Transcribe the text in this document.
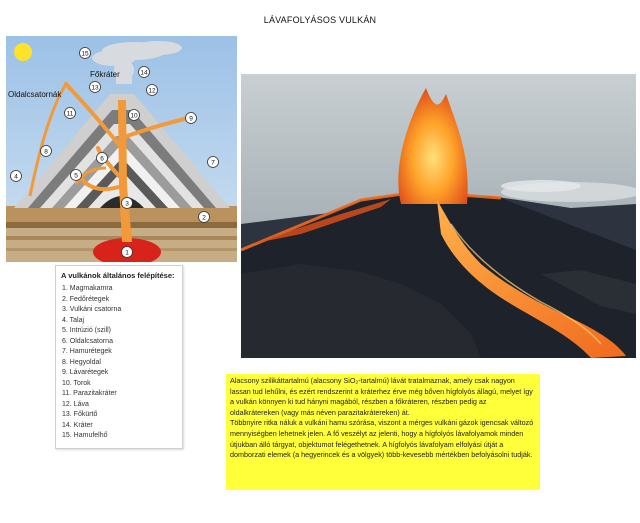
LÁVAFOLYÁSOS VULKÁN
Oldalcsatornák
Főkráter
1
2
3
4	5
6
7
8
9
10
11
12
13
14
15
A vulkánok általános felépítése:
1. Magmakamra
2. Fedőrétegek
3. Vulkáni csatorna
4. Talaj
5. Intrúzió (szill)
6. Oldalcsatorna
7. Hamurétegek
8. Hegyoldal
9. Lávarétegek
10. Torok
11. Parazitakráter
12. Láva
13. Főkürtő
14. Kráter
15. Hamufelhő

Alacsony szilikáttartalmú (alacsony SiO₂-tartalmú) lávát tratalmaznak, amely csak nagyon lassan tud lehűlni, és ezért rendszerint a kráterhez érve még bőven hígfolyós állagú, melyet így a vulkán könnyen ki tud hányni magából, részben a főkráteren, részben pedig az oldalkrátereken (vagy más néven parazitakrátereken) át.

Többnyire ritka náluk a vulkáni hamu szórása, viszont a mérges vulkáni gázok igencsak változó mennyiségben lehetnek jelen. A fő veszélyt az jelenti, hogy a hígfolyós lávafolyamok minden útjukban álló tárgyat, objektumot felégethetnek. A hígfolyós lávafolyam elfolyási útját a domborzati elemek (a hegyerincek és a völgyek) több-kevesebb mértékben befolyásolni tudják.
